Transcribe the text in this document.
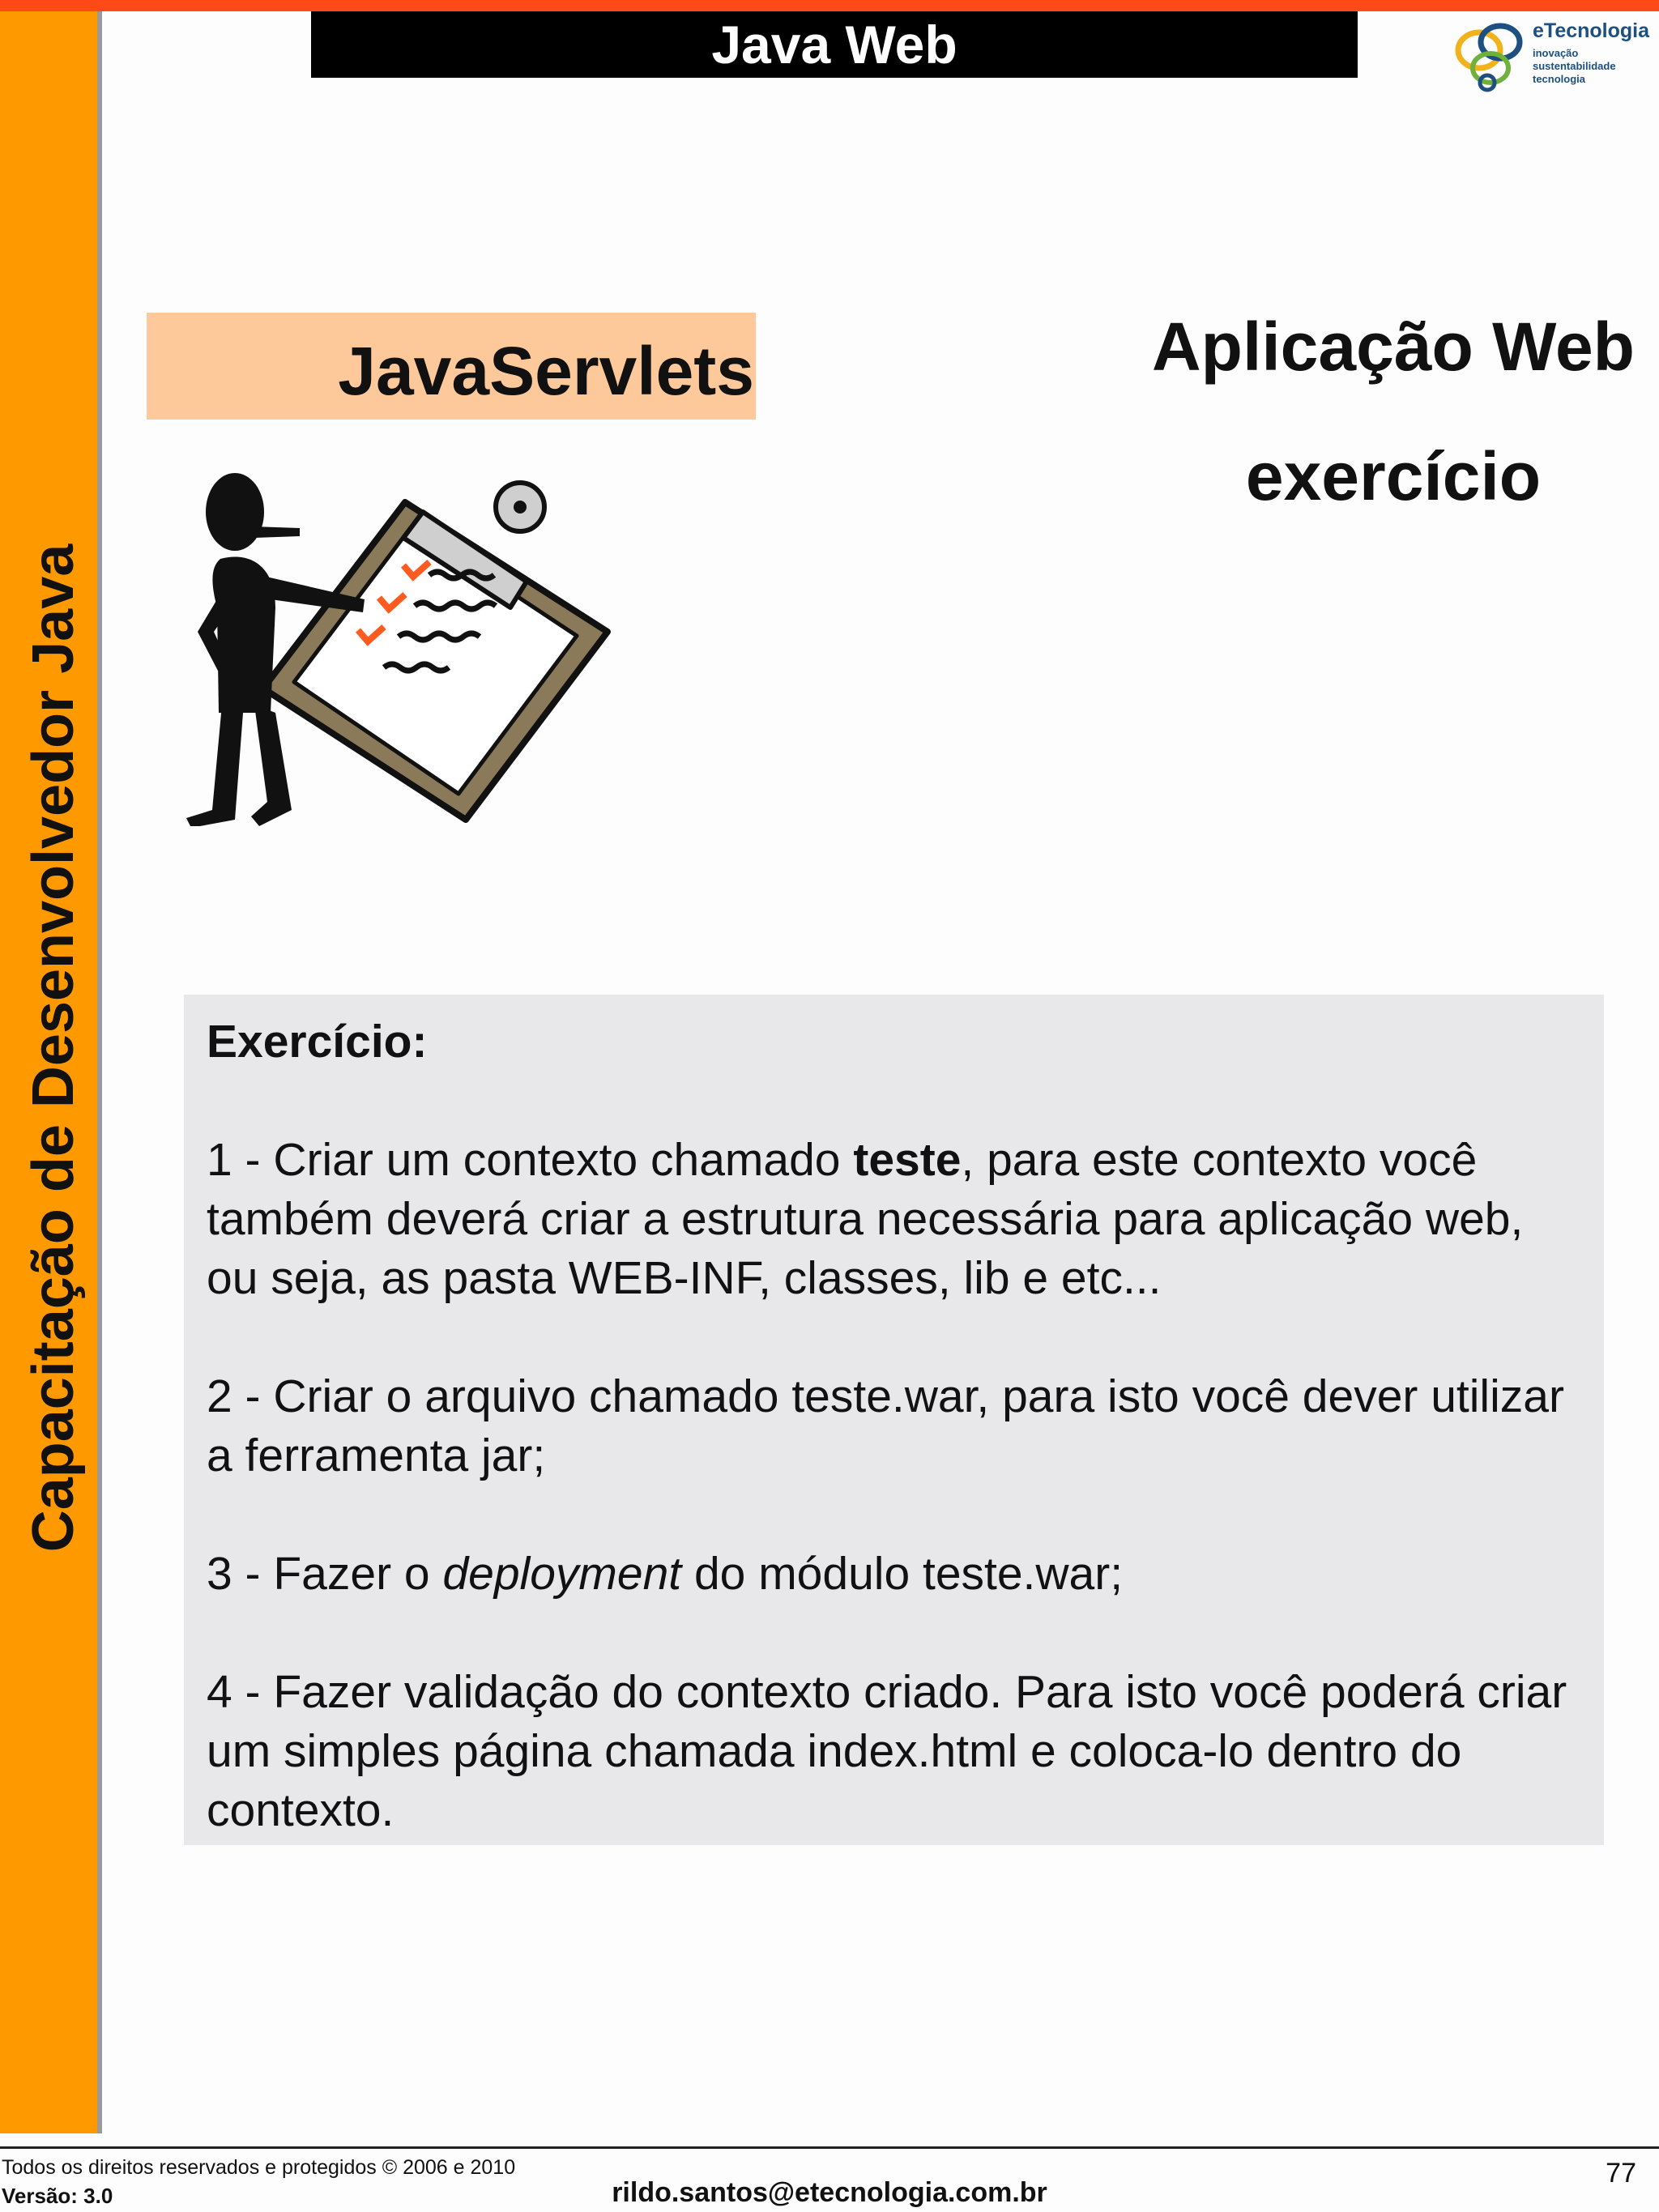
Capacitação de Desenvolvedor Java
Java Web	eTecnologia
inovação
sustentabilidade
tecnologia
JavaServlets	Aplicação Web
exercício

Exercício:

1 - Criar um contexto chamado teste, para este contexto você também deverá criar a estrutura necessária para aplicação web, ou seja, as pasta WEB-INF, classes, lib e etc...

2 - Criar o arquivo chamado teste.war, para isto você dever utilizar a ferramenta jar;

3 - Fazer o deployment do módulo teste.war;

4 - Fazer validação do contexto criado. Para isto você poderá criar um simples página chamada index.html e coloca-lo dentro do contexto.

Todos os direitos reservados e protegidos © 2006 e 2010
Versão: 3.0	rildo.santos@etecnologia.com.br
77
